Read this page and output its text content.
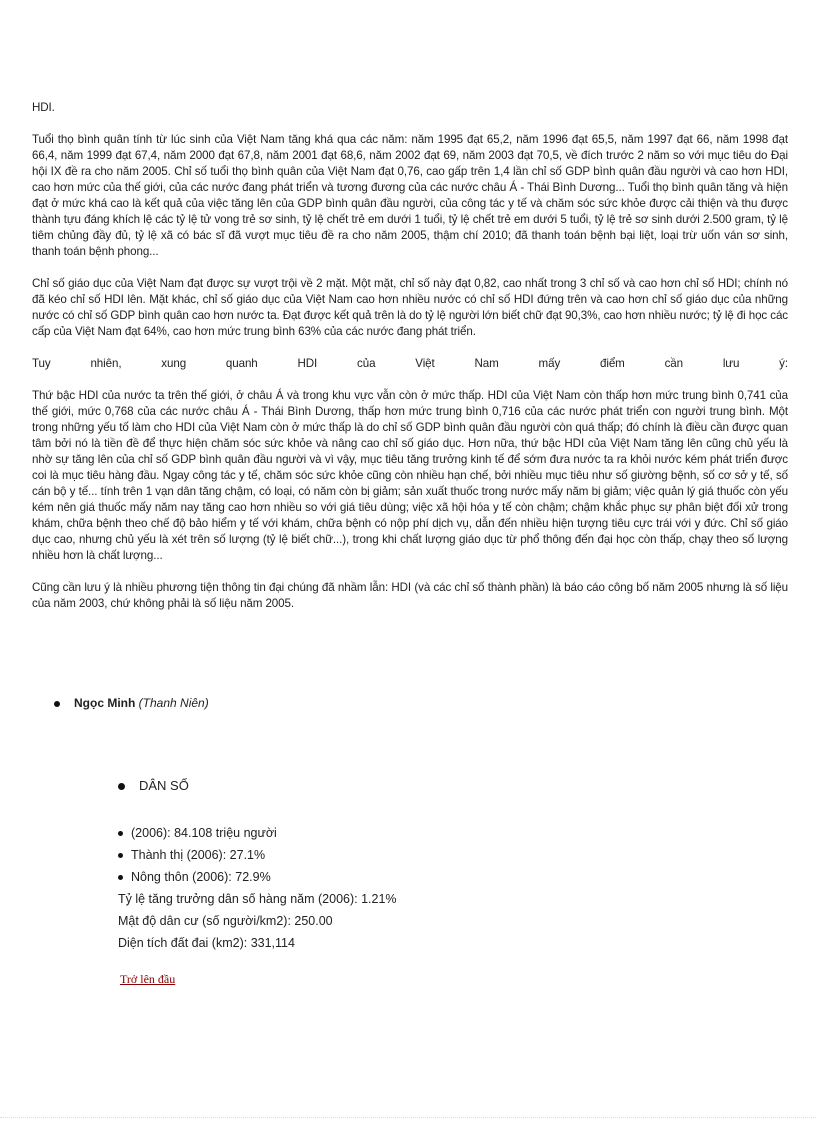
HDI.

Tuổi thọ bình quân tính từ lúc sinh của Việt Nam tăng khá qua các năm: năm 1995 đạt 65,2, năm 1996 đạt 65,5, năm 1997 đạt 66, năm 1998 đạt 66,4, năm 1999 đạt 67,4, năm 2000 đạt 67,8, năm 2001 đạt 68,6, năm 2002 đạt 69, năm 2003 đạt 70,5, về đích trước 2 năm so với mục tiêu do Đại hội IX đề ra cho năm 2005. Chỉ số tuổi thọ bình quân của Việt Nam đạt 0,76, cao gấp trên 1,4 lần chỉ số GDP bình quân đầu người và cao hơn HDI, cao hơn mức của thế giới, của các nước đang phát triển và tương đương của các nước châu Á - Thái Bình Dương... Tuổi thọ bình quân tăng và hiện đạt ở mức khá cao là kết quả của việc tăng lên của GDP bình quân đầu người, của công tác y tế và chăm sóc sức khỏe được cải thiện và thu được thành tựu đáng khích lệ các tỷ lệ tử vong trẻ sơ sinh, tỷ lệ chết trẻ em dưới 1 tuổi, tỷ lệ chết trẻ em dưới 5 tuổi, tỷ lệ trẻ sơ sinh dưới 2.500 gram, tỷ lệ tiêm chủng đầy đủ, tỷ lệ xã có bác sĩ đã vượt mục tiêu đề ra cho năm 2005, thậm chí 2010; đã thanh toán bệnh bại liệt, loại trừ uốn ván sơ sinh, thanh toán bệnh phong...

Chỉ số giáo dục của Việt Nam đạt được sự vượt trội về 2 mặt. Một mặt, chỉ số này đạt 0,82, cao nhất trong 3 chỉ số và cao hơn chỉ số HDI; chính nó đã kéo chỉ số HDI lên. Mặt khác, chỉ số giáo dục của Việt Nam cao hơn nhiều nước có chỉ số HDI đứng trên và cao hơn chỉ số giáo dục của những nước có chỉ số GDP bình quân cao hơn nước ta. Đạt được kết quả trên là do tỷ lệ người lớn biết chữ đạt 90,3%, cao hơn nhiều nước; tỷ lệ đi học các cấp của Việt Nam đạt 64%, cao hơn mức trung bình 63% của các nước đang phát triển.

Tuy nhiên, xung quanh HDI của Việt Nam mấy điểm cần lưu ý:

Thứ bậc HDI của nước ta trên thế giới, ở châu Á và trong khu vực vẫn còn ở mức thấp. HDI của Việt Nam còn thấp hơn mức trung bình 0,741 của thế giới, mức 0,768 của các nước châu Á - Thái Bình Dương, thấp hơn mức trung bình 0,716 của các nước phát triển con người trung bình. Một trong những yếu tố làm cho HDI của Việt Nam còn ở mức thấp là do chỉ số GDP bình quân đầu người còn quá thấp; đó chính là điều cần được quan tâm bởi nó là tiền đề để thực hiện chăm sóc sức khỏe và nâng cao chỉ số giáo dục. Hơn nữa, thứ bậc HDI của Việt Nam tăng lên cũng chủ yếu là nhờ sự tăng lên của chỉ số GDP bình quân đầu người và vì vậy, mục tiêu tăng trưởng kinh tế để sớm đưa nước ta ra khỏi nước kém phát triển được coi là mục tiêu hàng đầu. Ngay công tác y tế, chăm sóc sức khỏe cũng còn nhiều hạn chế, bởi nhiều mục tiêu như số giường bệnh, số cơ sở y tế, số cán bộ y tế... tính trên 1 vạn dân tăng chậm, có loại, có năm còn bị giảm; sản xuất thuốc trong nước mấy năm bị giảm; việc quản lý giá thuốc còn yếu kém nên giá thuốc mấy năm nay tăng cao hơn nhiều so với giá tiêu dùng; việc xã hội hóa y tế còn chậm; chậm khắc phục sự phân biệt đối xử trong khám, chữa bệnh theo chế độ bảo hiểm y tế với khám, chữa bệnh có nộp phí dịch vụ, dẫn đến nhiều hiện tượng tiêu cực trái với y đức. Chỉ số giáo dục cao, nhưng chủ yếu là xét trên số lượng (tỷ lệ biết chữ...), trong khi chất lượng giáo dục từ phổ thông đến đại học còn thấp, chạy theo số lượng nhiều hơn là chất lượng...

Cũng cần lưu ý là nhiều phương tiện thông tin đại chúng đã nhầm lẫn: HDI (và các chỉ số thành phần) là báo cáo công bố năm 2005 nhưng là số liệu của năm 2003, chứ không phải là số liệu năm 2005.

Ngọc Minh (Thanh Niên)
DÂN SỐ
(2006): 84.108 triệu người
Thành thị (2006): 27.1%
Nông thôn (2006): 72.9%
Tỷ lệ tăng trưởng dân số hàng năm (2006): 1.21%
Mật độ dân cư (số người/km2): 250.00
Diện tích đất đai (km2): 331,114
Trở lên đầu
